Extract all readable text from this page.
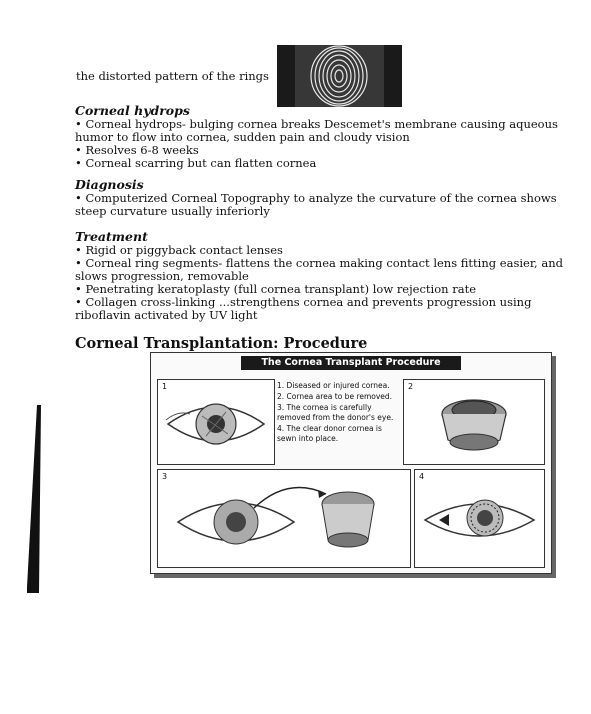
the distorted pattern of the rings
Corneal hydrops
• Corneal hydrops- bulging cornea breaks Descemet's membrane causing aqueous humor to flow into cornea, sudden pain and cloudy vision
• Resolves 6-8 weeks
• Corneal scarring but can flatten cornea
Diagnosis
• Computerized Corneal Topography to analyze the curvature of the cornea shows steep curvature usually inferiorly
Treatment
• Rigid or piggyback contact lenses
• Corneal ring segments- flattens the cornea making contact lens fitting easier, and slows progression, removable
• Penetrating keratoplasty (full cornea transplant) low rejection rate
• Collagen cross-linking ...strengthens cornea and prevents progression using riboflavin activated by UV light
Corneal Transplantation: Procedure
The Cornea Transplant Procedure
1	1. Diseased or injured cornea.
2. Cornea area to be removed.
3. The cornea is carefully removed from the donor's eye.
4. The clear donor cornea is sewn into place.
2
3	4
